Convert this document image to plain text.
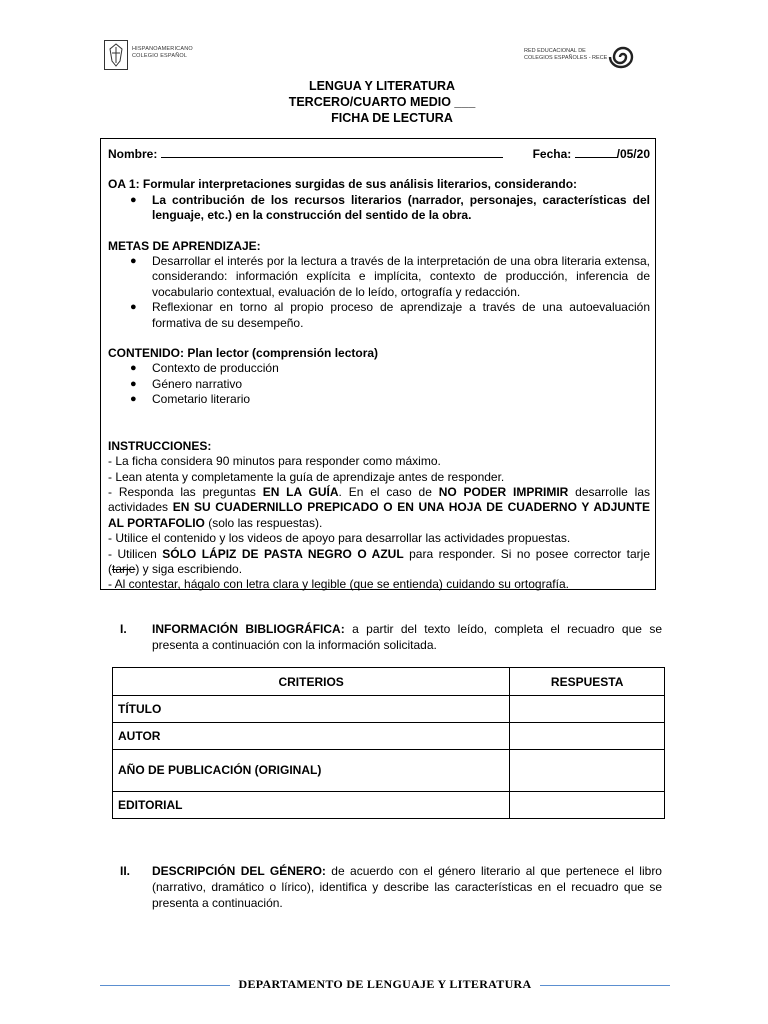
HISPANOAMERICANO
COLEGIO ESPAÑOL
RED EDUCACIONAL DE
COLEGIOS ESPAÑOLES - RECE
LENGUA Y LITERATURA
TERCERO/CUARTO MEDIO ___
FICHA DE LECTURA
Nombre:	Fecha:	/05/20
OA 1: Formular interpretaciones surgidas de sus análisis literarios, considerando:
● La contribución de los recursos literarios (narrador, personajes, características del lenguaje, etc.) en la construcción del sentido de la obra.
METAS DE APRENDIZAJE:
● Desarrollar el interés por la lectura a través de la interpretación de una obra literaria extensa, considerando: información explícita e implícita, contexto de producción, inferencia de vocabulario contextual, evaluación de lo leído, ortografía y redacción.
● Reflexionar en torno al propio proceso de aprendizaje a través de una autoevaluación formativa de su desempeño.
CONTENIDO: Plan lector (comprensión lectora)
● Contexto de producción
● Género narrativo
● Cometario literario
INSTRUCCIONES:
- La ficha considera 90 minutos para responder como máximo.
- Lean atenta y completamente la guía de aprendizaje antes de responder.
- Responda las preguntas EN LA GUÍA. En el caso de NO PODER IMPRIMIR desarrolle las actividades EN SU CUADERNILLO PREPICADO O EN UNA HOJA DE CUADERNO Y ADJUNTE AL PORTAFOLIO (solo las respuestas).
- Utilice el contenido y los videos de apoyo para desarrollar las actividades propuestas.
- Utilicen SÓLO LÁPIZ DE PASTA NEGRO O AZUL para responder. Si no posee corrector tarje (tarje) y siga escribiendo.
- Al contestar, hágalo con letra clara y legible (que se entienda) cuidando su ortografía.
I. INFORMACIÓN BIBLIOGRÁFICA: a partir del texto leído, completa el recuadro que se presenta a continuación con la información solicitada.
CRITERIOS	RESPUESTA
TÍTULO	
AUTOR	
AÑO DE PUBLICACIÓN (ORIGINAL)	
EDITORIAL	
II. DESCRIPCIÓN DEL GÉNERO: de acuerdo con el género literario al que pertenece el libro (narrativo, dramático o lírico), identifica y describe las características en el recuadro que se presenta a continuación.
DEPARTAMENTO DE LENGUAJE Y LITERATURA
